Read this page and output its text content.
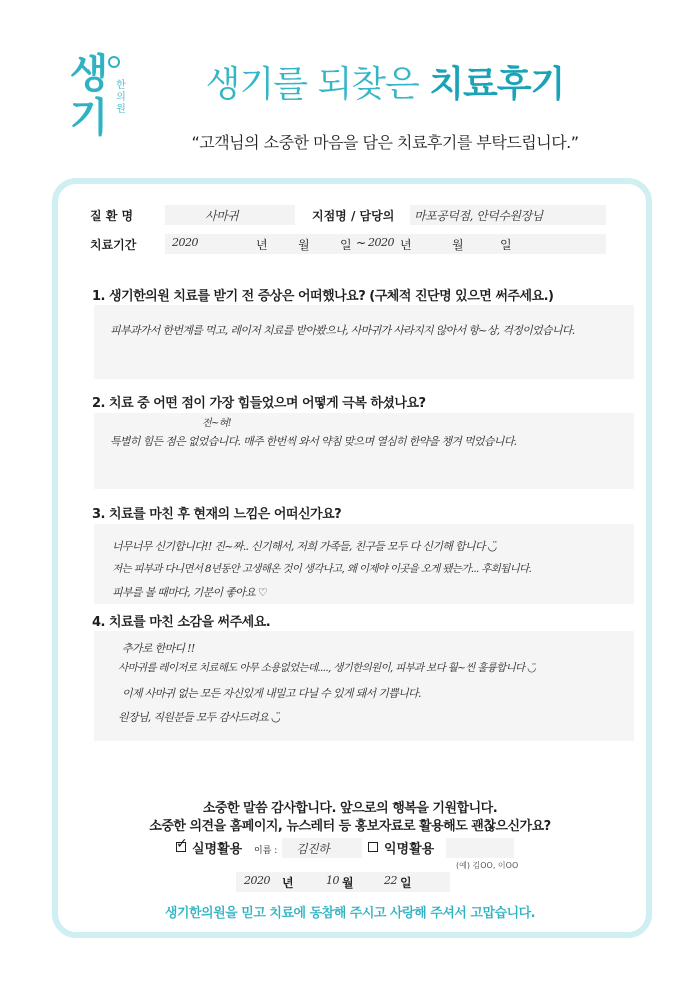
생기
한의원
생기를 되찾은 치료후기
“고객님의 소중한 마음을 담은 치료후기를 부탁드립니다.”
질 환 명	사마귀	지점명 / 담당의 마포공덕점, 안덕수원장님
치료기간	2020	년	월	일 ~ 2020 년	월	일
1. 생기한의원 치료를 받기 전 증상은 어떠했나요? (구체적 진단명 있으면 써주세요.)
피부과가서 한번계를 먹고, 레이저 치료를 받아봤으나, 사마귀가 사라지지 않아서 항~상, 걱정이었습니다.
2. 치료 중 어떤 점이 가장 힘들었으며 어떻게 극복 하셨나요?
전~혀!
특별히 힘든 점은 없었습니다. 매주 한번씩 와서 약침 맞으며 열심히 한약을 챙겨 먹었습니다.
3. 치료를 마친 후 현재의 느낌은 어떠신가요?
너무너무 신기합니다!! 진~짜.. 신기해서, 저희 가족들, 친구들 모두 다 신기해 합니다 ◡̈
저는 피부과 다니면서 8년동안 고생해온 것이 생각나고, 왜 이제야 이곳을 오게 됐는가... 후회됩니다.
피부를 볼 때마다, 기분이 좋아요 ♡
4. 치료를 마친 소감을 써주세요.
추가로 한마디 !!
사마귀를 레이저로 치료해도 아무 소용없었는데...., 생기한의원이, 피부과 보다 훨~씬 훌륭합니다 ◡̈
이제 사마귀 없는 모든 자신있게 내밀고 다닐 수 있게 돼서 기쁩니다.
원장님, 직원분들 모두 감사드려요 ◡̈
소중한 말씀 감사합니다. 앞으로의 행복을 기원합니다.
소중한 의견을 홈페이지, 뉴스레터 등 홍보자료로 활용해도 괜찮으신가요?
✓ 실명활용 이름 : 김진하	익명활용
(예) 김OO, 이OO
2020 년	10 월	22 일
생기한의원을 믿고 치료에 동참해 주시고 사랑해 주셔서 고맙습니다.
